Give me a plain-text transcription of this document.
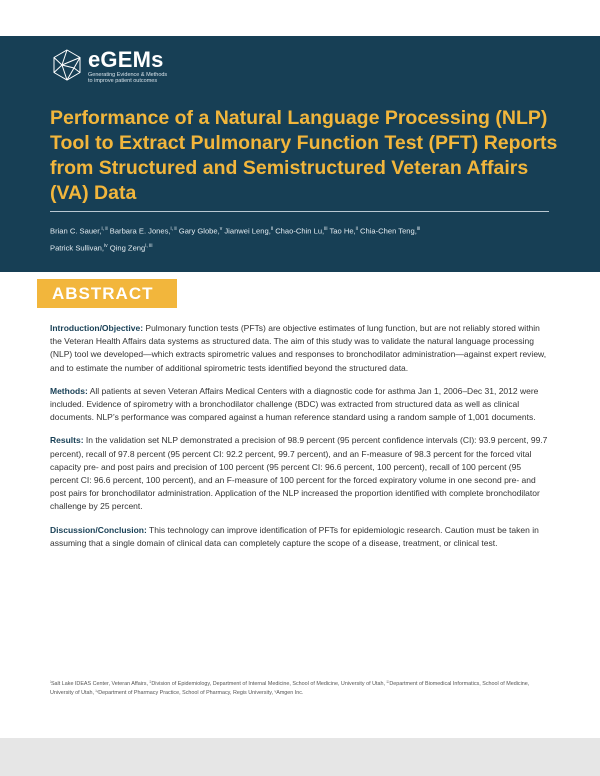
eGEMs
Generating Evidence & Methods to improve patient outcomes
Performance of a Natural Language Processing (NLP) Tool to Extract Pulmonary Function Test (PFT) Reports from Structured and Semistructured Veteran Affairs (VA) Data

Brian C. Sauer,$^{i, ii}$ Barbara E. Jones,$^{i, ii}$ Gary Globe,$^v$ Jianwei Leng,$^{ii}$ Chao-Chin Lu,$^{iii}$ Tao He,$^{ii}$ Chia-Chen Teng,$^{iii}$
Patrick Sullivan,$^{iv}$ Qing Zeng$^{i, iii}$

ABSTRACT

Introduction/Objective: Pulmonary function tests (PFTs) are objective estimates of lung function, but are not reliably stored within the Veteran Health Affairs data systems as structured data. The aim of this study was to validate the natural language processing (NLP) tool we developed—which extracts spirometric values and responses to bronchodilator administration—against expert review, and to estimate the number of additional spirometric tests identified beyond the structured data.

Methods: All patients at seven Veteran Affairs Medical Centers with a diagnostic code for asthma Jan 1, 2006–Dec 31, 2012 were included. Evidence of spirometry with a bronchodilator challenge (BDC) was extracted from structured data as well as clinical documents. NLP’s performance was compared against a human reference standard using a random sample of 1,001 documents.

Results: In the validation set NLP demonstrated a precision of 98.9 percent (95 percent confidence intervals (CI): 93.9 percent, 99.7 percent), recall of 97.8 percent (95 percent CI: 92.2 percent, 99.7 percent), and an F-measure of 98.3 percent for the forced vital capacity pre- and post pairs and precision of 100 percent (95 percent CI: 96.6 percent, 100 percent), recall of 100 percent (95 percent CI: 96.6 percent, 100 percent), and an F-measure of 100 percent for the forced expiratory volume in one second pre- and post pairs for bronchodilator administration. Application of the NLP increased the proportion identified with complete bronchodilator challenge by 25 percent.

Discussion/Conclusion: This technology can improve identification of PFTs for epidemiologic research. Caution must be taken in assuming that a single domain of clinical data can completely capture the scope of a disease, treatment, or clinical test.

ⁱSalt Lake IDEAS Center, Veteran Affairs, ⁱⁱDivision of Epidemiology, Department of Internal Medicine, School of Medicine, University of Utah, ⁱⁱⁱDepartment of Biomedical Informatics, School of Medicine, University of Utah, ⁱᵛDepartment of Pharmacy Practice, School of Pharmacy, Regis University, ᵛAmgen Inc.
